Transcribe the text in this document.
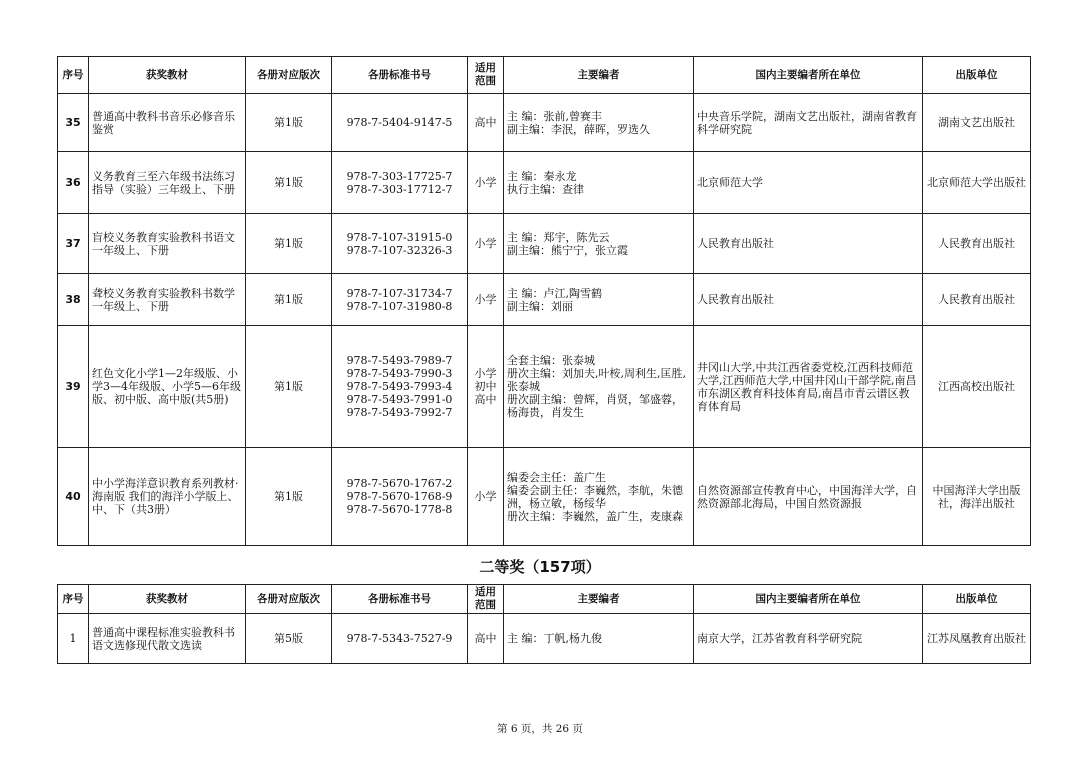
序号	获奖教材	各册对应版次	各册标准书号	适用 范围	主要编者	国内主要编者所在单位	出版单位
35	普通高中教科书音乐必修音乐鉴赏	第1版	978-7-5404-9147-5	高中	主 编：张前,曾赛丰
副主编：李泯，薛晖，罗选久	中央音乐学院，湖南文艺出版社，湖南省教育科学研究院	湖南文艺出版社
36	义务教育三至六年级书法练习指导（实验）三年级上、下册	第1版	978-7-303-17725-7
978-7-303-17712-7	小学	主 编：秦永龙
执行主编：查律	北京师范大学	北京师范大学出版社
37	盲校义务教育实验教科书语文一年级上、下册	第1版	978-7-107-31915-0
978-7-107-32326-3	小学	主 编：郑宇，陈先云
副主编：熊宁宁，张立霞	人民教育出版社	人民教育出版社
38	聋校义务教育实验教科书数学一年级上、下册	第1版	978-7-107-31734-7
978-7-107-31980-8	小学	主 编：卢江,陶雪鹤
副主编：刘丽	人民教育出版社	人民教育出版社
39	红色文化小学1—2年级版、小学3—4年级版、小学5—6年级版、初中版、高中版(共5册)	第1版	978-7-5493-7989-7
978-7-5493-7990-3
978-7-5493-7993-4
978-7-5493-7991-0
978-7-5493-7992-7	小学
初中
高中	全套主编：张泰城
册次主编：刘加夫,叶桉,周利生,匡胜,张泰城
册次副主编：曾辉，肖贤，邹盛蓉，杨海贵，肖发生	井冈山大学,中共江西省委党校,江西科技师范大学,江西师范大学,中国井冈山干部学院,南昌市东湖区教育科技体育局,南昌市青云谱区教育体育局	江西高校出版社
40	中小学海洋意识教育系列教材·海南版 我们的海洋小学版上、中、下（共3册）	第1版	978-7-5670-1767-2
978-7-5670-1768-9
978-7-5670-1778-8	小学	编委会主任：盖广生
编委会副主任：李巍然，李航，朱德洲，杨立敏，杨绥华
册次主编：李巍然，盖广生，麦康森	自然资源部宣传教育中心，中国海洋大学，自然资源部北海局，中国自然资源报	中国海洋大学出版社，海洋出版社
二等奖（157项）
序号	获奖教材	各册对应版次	各册标准书号	适用 范围	主要编者	国内主要编者所在单位	出版单位
1	普通高中课程标准实验教科书语文选修现代散文选读	第5版	978-7-5343-7527-9	高中	主 编：丁帆,杨九俊	南京大学，江苏省教育科学研究院	江苏凤凰教育出版社
第 6 页，共 26 页
